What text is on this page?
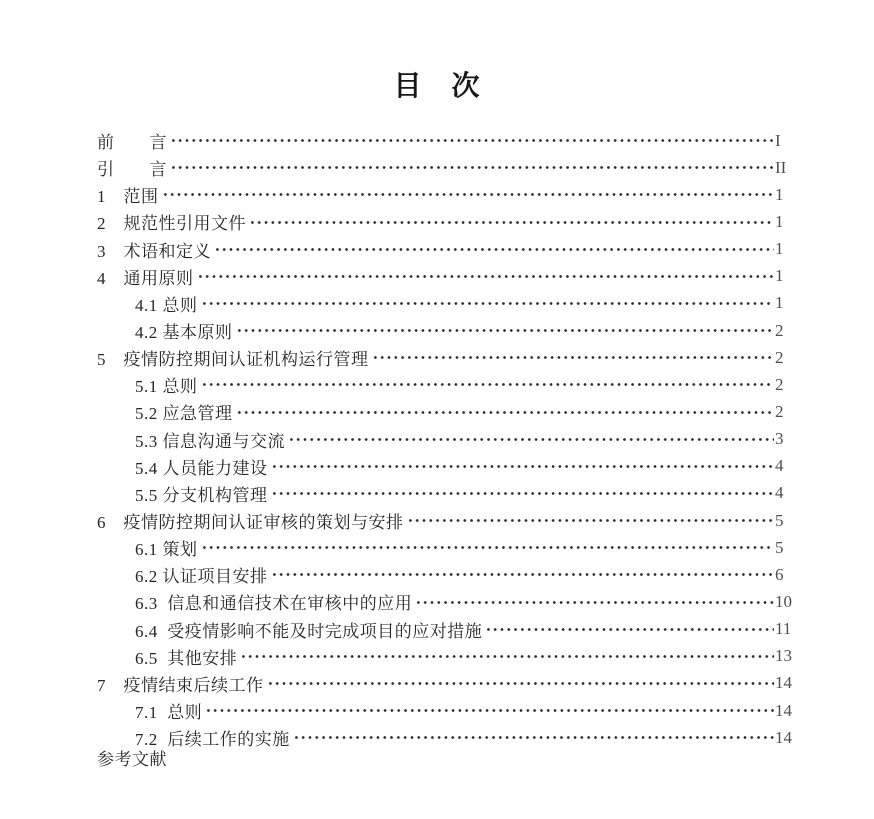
目　次
前　　言	I
引　　言	II
1　范围	1
2　规范性引用文件	1
3　术语和定义	1
4　通用原则	1
4.1 总则	1
4.2 基本原则	2
5　疫情防控期间认证机构运行管理	2
5.1 总则	2
5.2 应急管理	2
5.3 信息沟通与交流	3
5.4 人员能力建设	4
5.5 分支机构管理	4
6　疫情防控期间认证审核的策划与安排	5
6.1 策划	5
6.2 认证项目安排	6
6.3  信息和通信技术在审核中的应用	10
6.4  受疫情影响不能及时完成项目的应对措施	11
6.5  其他安排	13
7　疫情结束后续工作	14
7.1  总则	14
7.2  后续工作的实施	14
参考文献
